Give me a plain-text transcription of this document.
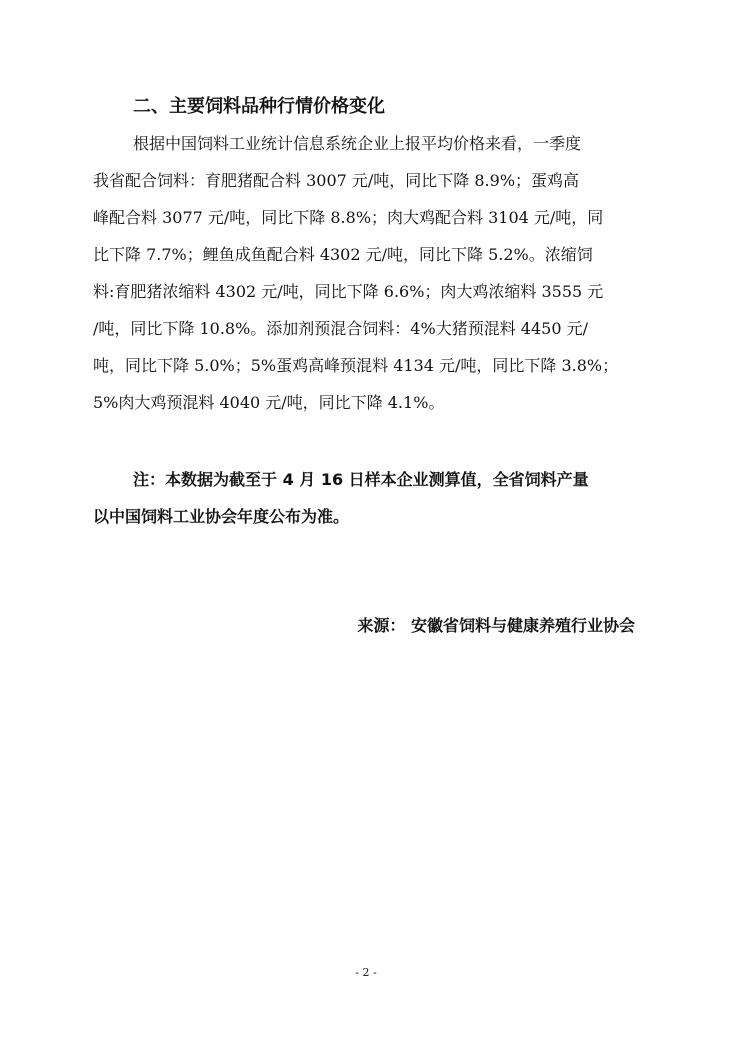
二、主要饲料品种行情价格变化
根据中国饲料工业统计信息系统企业上报平均价格来看，一季度
我省配合饲料：育肥猪配合料 3007 元/吨，同比下降 8.9%；蛋鸡高
峰配合料 3077 元/吨，同比下降 8.8%；肉大鸡配合料 3104 元/吨，同
比下降 7.7%；鲤鱼成鱼配合料 4302 元/吨，同比下降 5.2%。浓缩饲
料:育肥猪浓缩料 4302 元/吨，同比下降 6.6%；肉大鸡浓缩料 3555 元
/吨，同比下降 10.8%。添加剂预混合饲料：4%大猪预混料 4450 元/
吨，同比下降 5.0%；5%蛋鸡高峰预混料 4134 元/吨，同比下降 3.8%；
5%肉大鸡预混料 4040 元/吨，同比下降 4.1%。
注：本数据为截至于 4 月 16 日样本企业测算值，全省饲料产量
以中国饲料工业协会年度公布为准。
来源： 安徽省饲料与健康养殖行业协会
- 2 -
